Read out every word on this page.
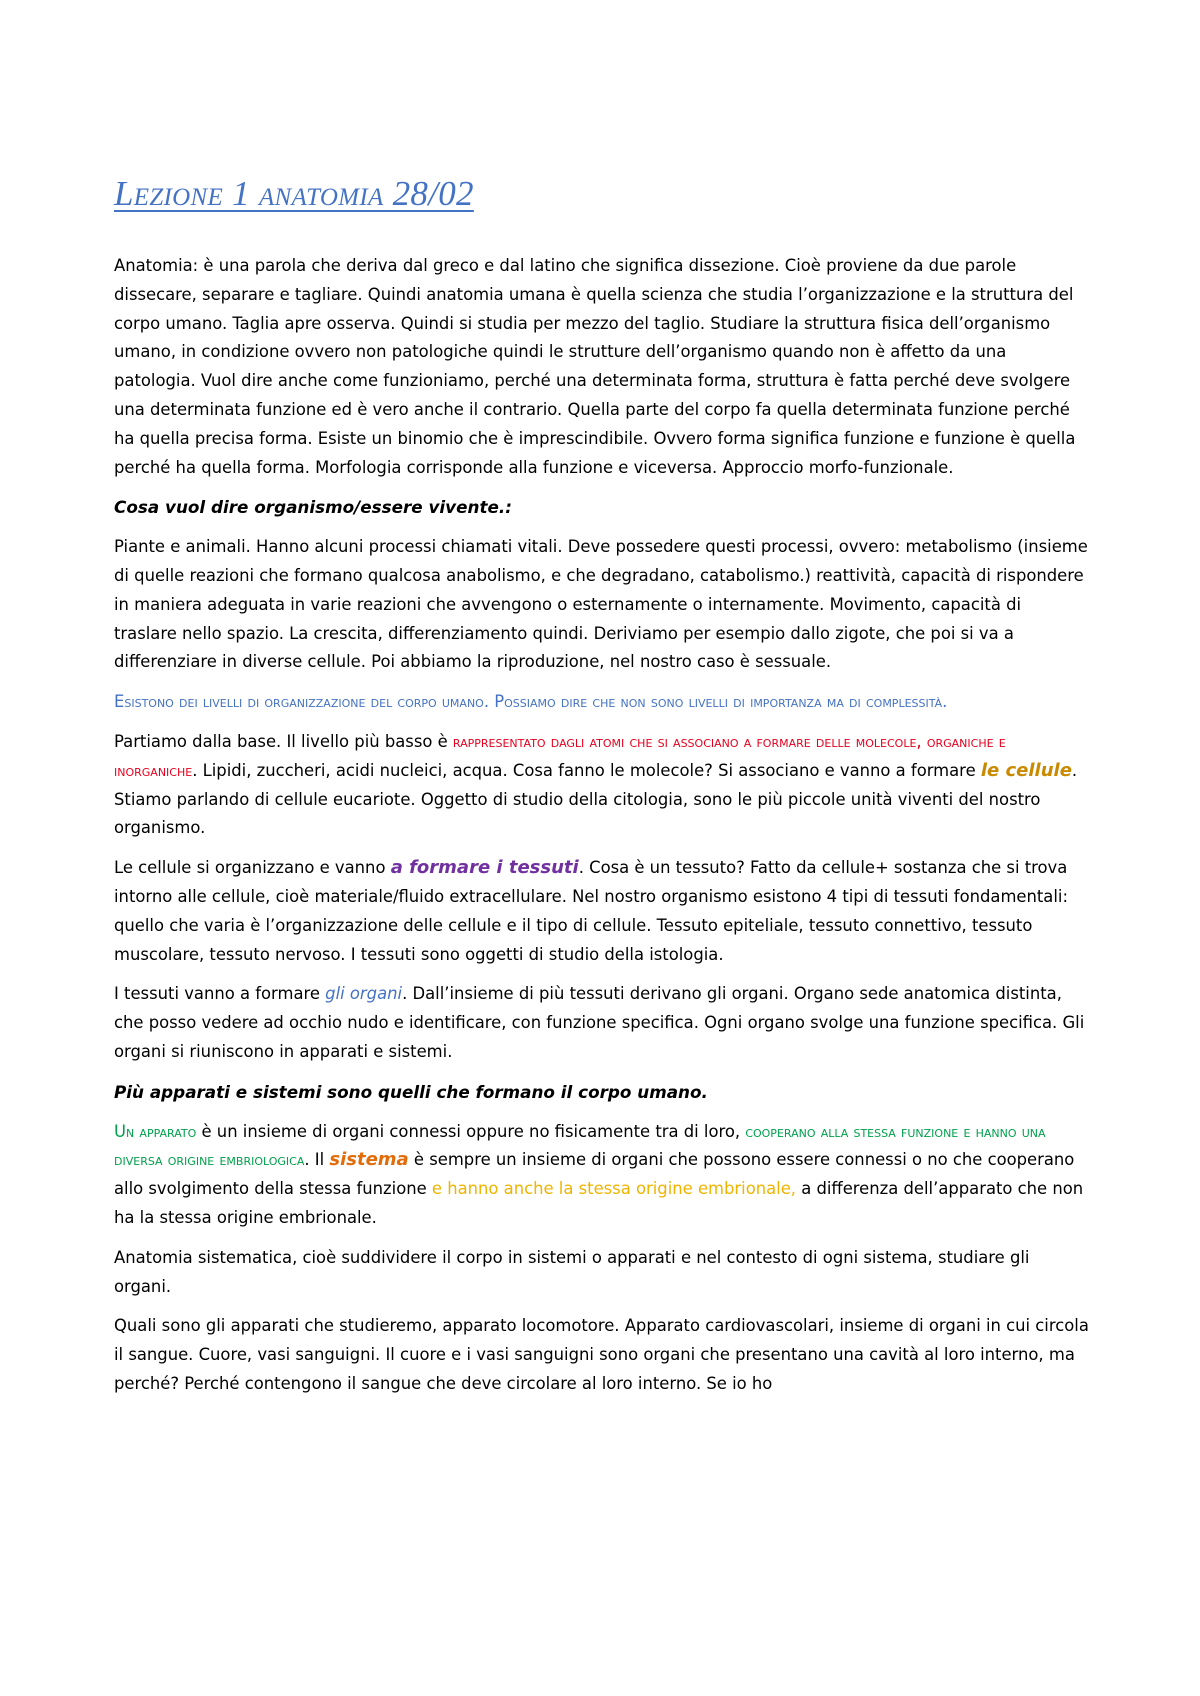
Lezione 1 anatomia 28/02

Anatomia: è una parola che deriva dal greco e dal latino che significa dissezione. Cioè proviene da due parole dissecare, separare e tagliare. Quindi anatomia umana è quella scienza che studia l’organizzazione e la struttura del corpo umano. Taglia apre osserva. Quindi si studia per mezzo del taglio. Studiare la struttura fisica dell’organismo umano, in condizione ovvero non patologiche quindi le strutture dell’organismo quando non è affetto da una patologia. Vuol dire anche come funzioniamo, perché una determinata forma, struttura è fatta perché deve svolgere una determinata funzione ed è vero anche il contrario. Quella parte del corpo fa quella determinata funzione perché ha quella precisa forma. Esiste un binomio che è imprescindibile. Ovvero forma significa funzione e funzione è quella perché ha quella forma. Morfologia corrisponde alla funzione e viceversa. Approccio morfo-funzionale.

Cosa vuol dire organismo/essere vivente.:

Piante e animali. Hanno alcuni processi chiamati vitali. Deve possedere questi processi, ovvero: metabolismo (insieme di quelle reazioni che formano qualcosa anabolismo, e che degradano, catabolismo.) reattività, capacità di rispondere in maniera adeguata in varie reazioni che avvengono o esternamente o internamente. Movimento, capacità di traslare nello spazio. La crescita, differenziamento quindi. Deriviamo per esempio dallo zigote, che poi si va a differenziare in diverse cellule. Poi abbiamo la riproduzione, nel nostro caso è sessuale.

Esistono dei livelli di organizzazione del corpo umano. Possiamo dire che non sono livelli di importanza ma di complessità.

Partiamo dalla base. Il livello più basso è rappresentato dagli atomi che si associano a formare delle molecole, organiche e inorganiche. Lipidi, zuccheri, acidi nucleici, acqua. Cosa fanno le molecole? Si associano e vanno a formare le cellule. Stiamo parlando di cellule eucariote. Oggetto di studio della citologia, sono le più piccole unità viventi del nostro organismo.

Le cellule si organizzano e vanno a formare i tessuti. Cosa è un tessuto? Fatto da cellule+ sostanza che si trova intorno alle cellule, cioè materiale/fluido extracellulare. Nel nostro organismo esistono 4 tipi di tessuti fondamentali: quello che varia è l’organizzazione delle cellule e il tipo di cellule. Tessuto epiteliale, tessuto connettivo, tessuto muscolare, tessuto nervoso. I tessuti sono oggetti di studio della istologia.

I tessuti vanno a formare gli organi. Dall’insieme di più tessuti derivano gli organi. Organo sede anatomica distinta, che posso vedere ad occhio nudo e identificare, con funzione specifica. Ogni organo svolge una funzione specifica. Gli organi si riuniscono in apparati e sistemi.

Più apparati e sistemi sono quelli che formano il corpo umano.

Un apparato è un insieme di organi connessi oppure no fisicamente tra di loro, cooperano alla stessa funzione e hanno una diversa origine embriologica. Il sistema è sempre un insieme di organi che possono essere connessi o no che cooperano allo svolgimento della stessa funzione e hanno anche la stessa origine embrionale, a differenza dell’apparato che non ha la stessa origine embrionale.

Anatomia sistematica, cioè suddividere il corpo in sistemi o apparati e nel contesto di ogni sistema, studiare gli organi.

Quali sono gli apparati che studieremo, apparato locomotore. Apparato cardiovascolari, insieme di organi in cui circola il sangue. Cuore, vasi sanguigni. Il cuore e i vasi sanguigni sono organi che presentano una cavità al loro interno, ma perché? Perché contengono il sangue che deve circolare al loro interno. Se io ho
